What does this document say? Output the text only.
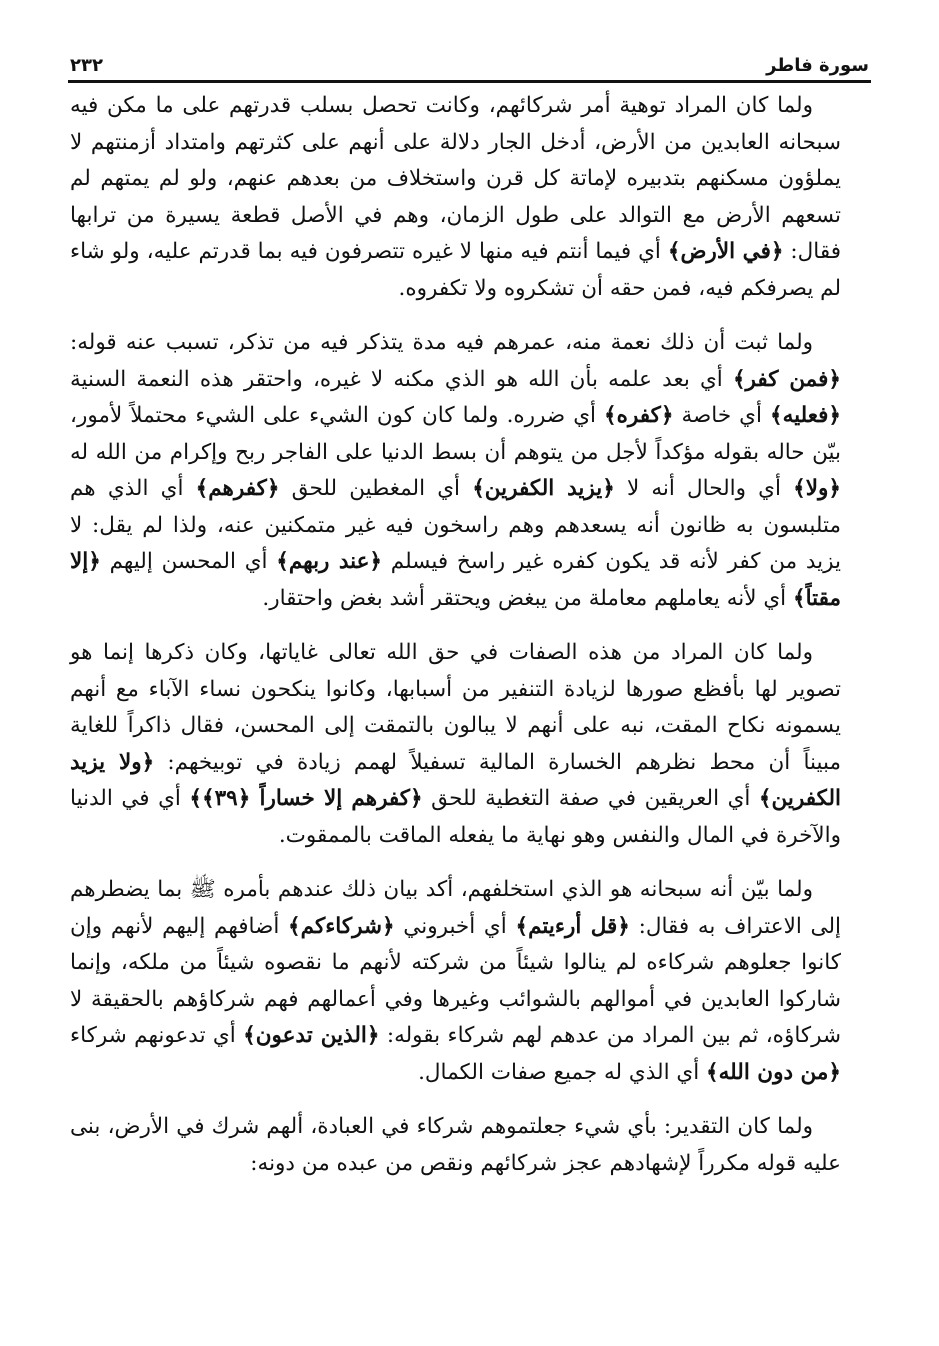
سورة فاطر
٢٣٢

ولما كان المراد توهية أمر شركائهم، وكانت تحصل بسلب قدرتهم على ما مكن فيه سبحانه العابدين من الأرض، أدخل الجار دلالة على أنهم على كثرتهم وامتداد أزمنتهم لا يملؤون مسكنهم بتدبيره لإماتة كل قرن واستخلاف من بعدهم عنهم، ولو لم يمتهم لم تسعهم الأرض مع التوالد على طول الزمان، وهم في الأصل قطعة يسيرة من ترابها فقال: ﴿في الأرض﴾ أي فيما أنتم فيه منها لا غيره تتصرفون فيه بما قدرتم عليه، ولو شاء لم يصرفكم فيه، فمن حقه أن تشكروه ولا تكفروه.

ولما ثبت أن ذلك نعمة منه، عمرهم فيه مدة يتذكر فيه من تذكر، تسبب عنه قوله: ﴿فمن كفر﴾ أي بعد علمه بأن الله هو الذي مكنه لا غيره، واحتقر هذه النعمة السنية ﴿فعليه﴾ أي خاصة ﴿كفره﴾ أي ضرره. ولما كان كون الشيء على الشيء محتملاً لأمور، بيّن حاله بقوله مؤكداً لأجل من يتوهم أن بسط الدنيا على الفاجر ربح وإكرام من الله له ﴿ولا﴾ أي والحال أنه لا ﴿يزيد الكفرين﴾ أي المغطين للحق ﴿كفرهم﴾ أي الذي هم متلبسون به ظانون أنه يسعدهم وهم راسخون فيه غير متمكنين عنه، ولذا لم يقل: لا يزيد من كفر لأنه قد يكون كفره غير راسخ فيسلم ﴿عند ربهم﴾ أي المحسن إليهم ﴿إلا مقتاً﴾ أي لأنه يعاملهم معاملة من يبغض ويحتقر أشد بغض واحتقار.

ولما كان المراد من هذه الصفات في حق الله تعالى غاياتها، وكان ذكرها إنما هو تصوير لها بأفظع صورها لزيادة التنفير من أسبابها، وكانوا ينكحون نساء الآباء مع أنهم يسمونه نكاح المقت، نبه على أنهم لا يبالون بالتمقت إلى المحسن، فقال ذاكراً للغاية مبيناً أن محط نظرهم الخسارة المالية تسفيلاً لهمم زيادة في توبيخهم: ﴿ولا يزيد الكفرين﴾ أي العريقين في صفة التغطية للحق ﴿كفرهم إلا خساراً ﴿٣٩﴾﴾ أي في الدنيا والآخرة في المال والنفس وهو نهاية ما يفعله الماقت بالممقوت.

ولما بيّن أنه سبحانه هو الذي استخلفهم، أكد بيان ذلك عندهم بأمره ﷺ بما يضطرهم إلى الاعتراف به فقال: ﴿قل أرءيتم﴾ أي أخبروني ﴿شركاءكم﴾ أضافهم إليهم لأنهم وإن كانوا جعلوهم شركاءه لم ينالوا شيئاً من شركته لأنهم ما نقصوه شيئاً من ملكه، وإنما شاركوا العابدين في أموالهم بالشوائب وغيرها وفي أعمالهم فهم شركاؤهم بالحقيقة لا شركاؤه، ثم بين المراد من عدهم لهم شركاء بقوله: ﴿الذين تدعون﴾ أي تدعونهم شركاء ﴿من دون الله﴾ أي الذي له جميع صفات الكمال.

ولما كان التقدير: بأي شيء جعلتموهم شركاء في العبادة، ألهم شرك في الأرض، بنى عليه قوله مكرراً لإشهادهم عجز شركائهم ونقص من عبده من دونه:
